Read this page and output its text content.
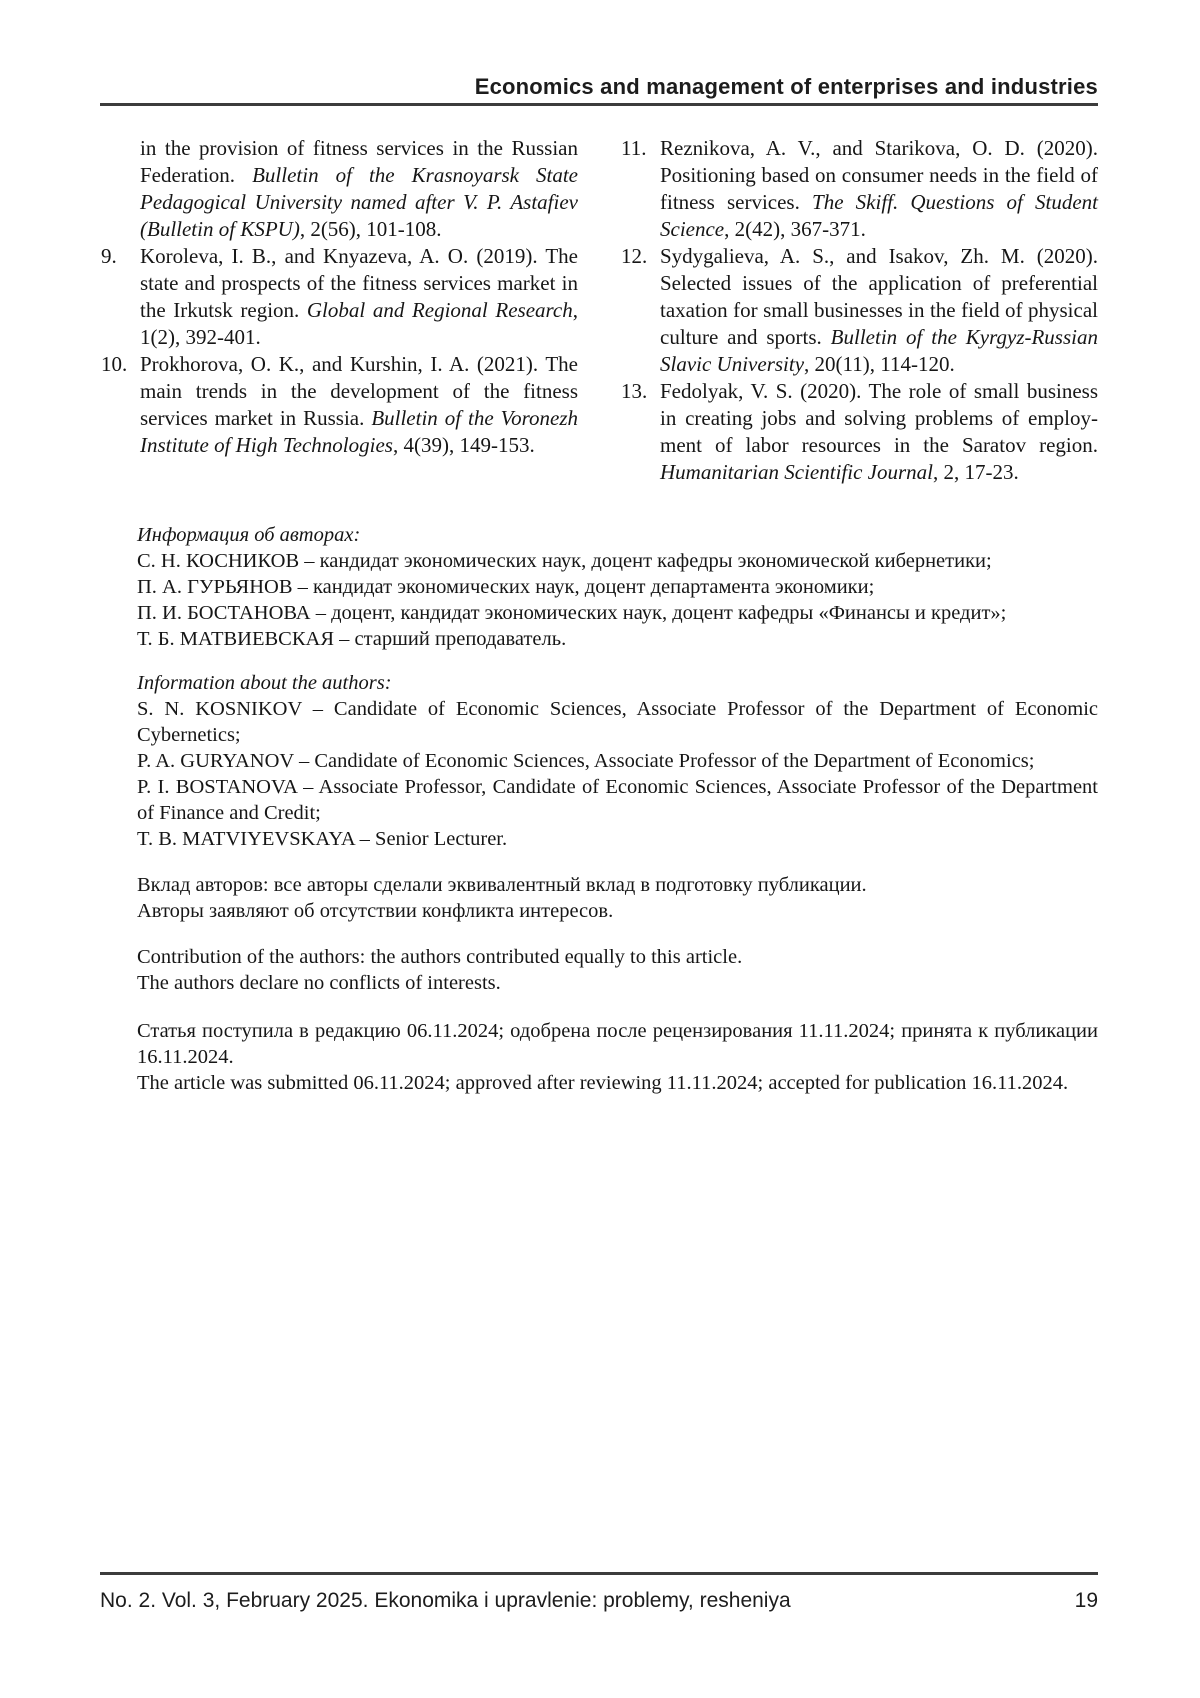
Economics and management of enterprises and industries

in the provision of fitness services in the Russian Federation. Bulletin of the Krasnoyarsk State Pedagogical University named after V. P. Astafiev (Bulletin of KSPU), 2(56), 101-108.

9. Koroleva, I. B., and Knyazeva, A. O. (2019). The state and prospects of the fitness services market in the Irkutsk region. Global and Regional Research, 1(2), 392-401.

10. Prokhorova, O. K., and Kurshin, I. A. (2021). The main trends in the development of the fitness services market in Russia. Bulletin of the Voronezh Institute of High Technologies, 4(39), 149-153.

11. Reznikova, A. V., and Starikova, O. D. (2020). Positioning based on consumer needs in the field of fitness services. The Skiff. Questions of Student Science, 2(42), 367-371.

12. Sydygalieva, A. S., and Isakov, Zh. M. (2020). Selected issues of the application of preferential taxation for small businesses in the field of physical culture and sports. Bulletin of the Kyrgyz-Russian Slavic University, 20(11), 114-120.

13. Fedolyak, V. S. (2020). The role of small business in creating jobs and solving problems of employment of labor resources in the Saratov region. Humanitarian Scientific Journal, 2, 17-23.

Информация об авторах:

С. Н. КОСНИКОВ – кандидат экономических наук, доцент кафедры экономической кибернетики;

П. А. ГУРЬЯНОВ – кандидат экономических наук, доцент департамента экономики;

П. И. БОСТАНОВА – доцент, кандидат экономических наук, доцент кафедры «Финансы и кредит»;

Т. Б. МАТВИЕВСКАЯ – старший преподаватель.

Information about the authors:

S. N. KOSNIKOV – Candidate of Economic Sciences, Associate Professor of the Department of Economic Cybernetics;

P. A. GURYANOV – Candidate of Economic Sciences, Associate Professor of the Department of Economics;

P. I. BOSTANOVA – Associate Professor, Candidate of Economic Sciences, Associate Professor of the Department of Finance and Credit;

T. B. MATVIYEVSKAYA – Senior Lecturer.

Вклад авторов: все авторы сделали эквивалентный вклад в подготовку публикации.

Авторы заявляют об отсутствии конфликта интересов.

Contribution of the authors: the authors contributed equally to this article.

The authors declare no conflicts of interests.

Статья поступила в редакцию 06.11.2024; одобрена после рецензирования 11.11.2024; принята к публикации 16.11.2024.

The article was submitted 06.11.2024; approved after reviewing 11.11.2024; accepted for publication 16.11.2024.

No. 2. Vol. 3, February 2025. Ekonomika i upravlenie: problemy, resheniya	19
